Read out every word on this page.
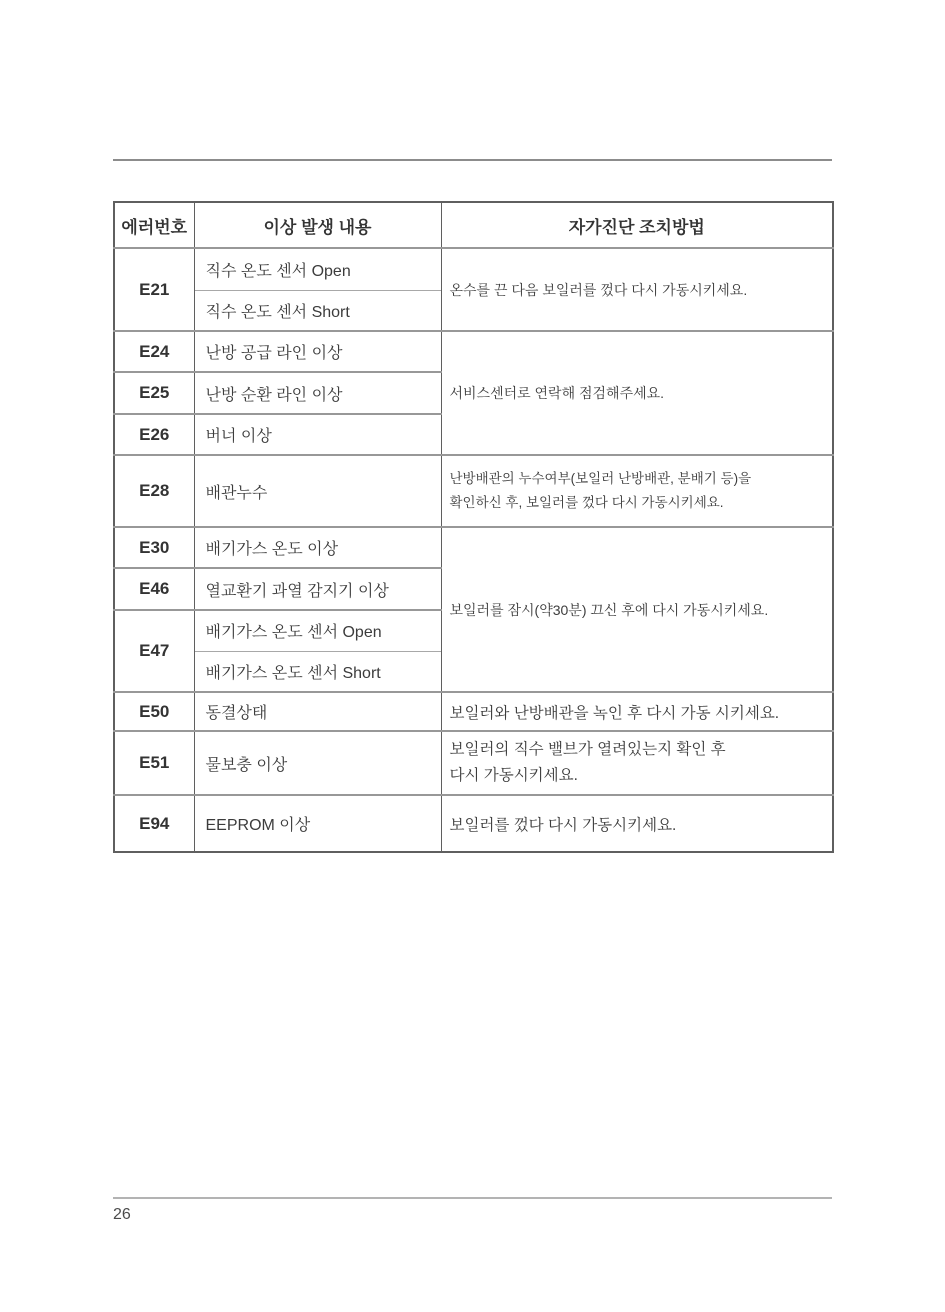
에러번호	이상 발생 내용	자가진단 조치방법
E21	직수 온도 센서 Open	온수를 끈 다음 보일러를 껐다 다시 가동시키세요.
	직수 온도 센서 Short	
E24	난방 공급 라인 이상	서비스센터로 연락해 점검해주세요.
E25	난방 순환 라인 이상	
E26	버너 이상	
E28	배관누수	난방배관의 누수여부(보일러 난방배관, 분배기 등)을
확인하신 후, 보일러를 껐다 다시 가동시키세요.

E30	배기가스 온도 이상	보일러를 잠시(약30분) 끄신 후에 다시 가동시키세요.
E46	열교환기 과열 감지기 이상	
E47	배기가스 온도 센서 Open	
	배기가스 온도 센서 Short	
E50	동결상태	보일러와 난방배관을 녹인 후 다시 가동 시키세요.
E51	물보충 이상	보일러의 직수 밸브가 열려있는지 확인 후
다시 가동시키세요.

E94	EEPROM 이상	보일러를 껐다 다시 가동시키세요.
26
